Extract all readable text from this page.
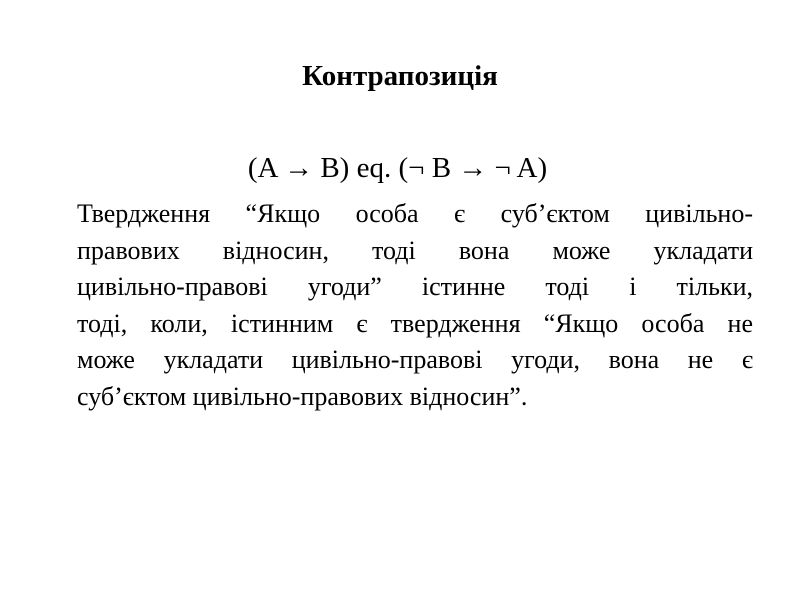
Контрапозиція
(A → B) eq. (¬ B → ¬ A)
Твердження “Якщо особа є суб’єктом цивільно-
правових відносин, тоді вона може укладати
цивільно-правові угоди” істинне тоді і тільки,
тоді, коли, істинним є твердження “Якщо особа не
може укладати цивільно-правові угоди, вона не є
суб’єктом цивільно-правових відносин”.
